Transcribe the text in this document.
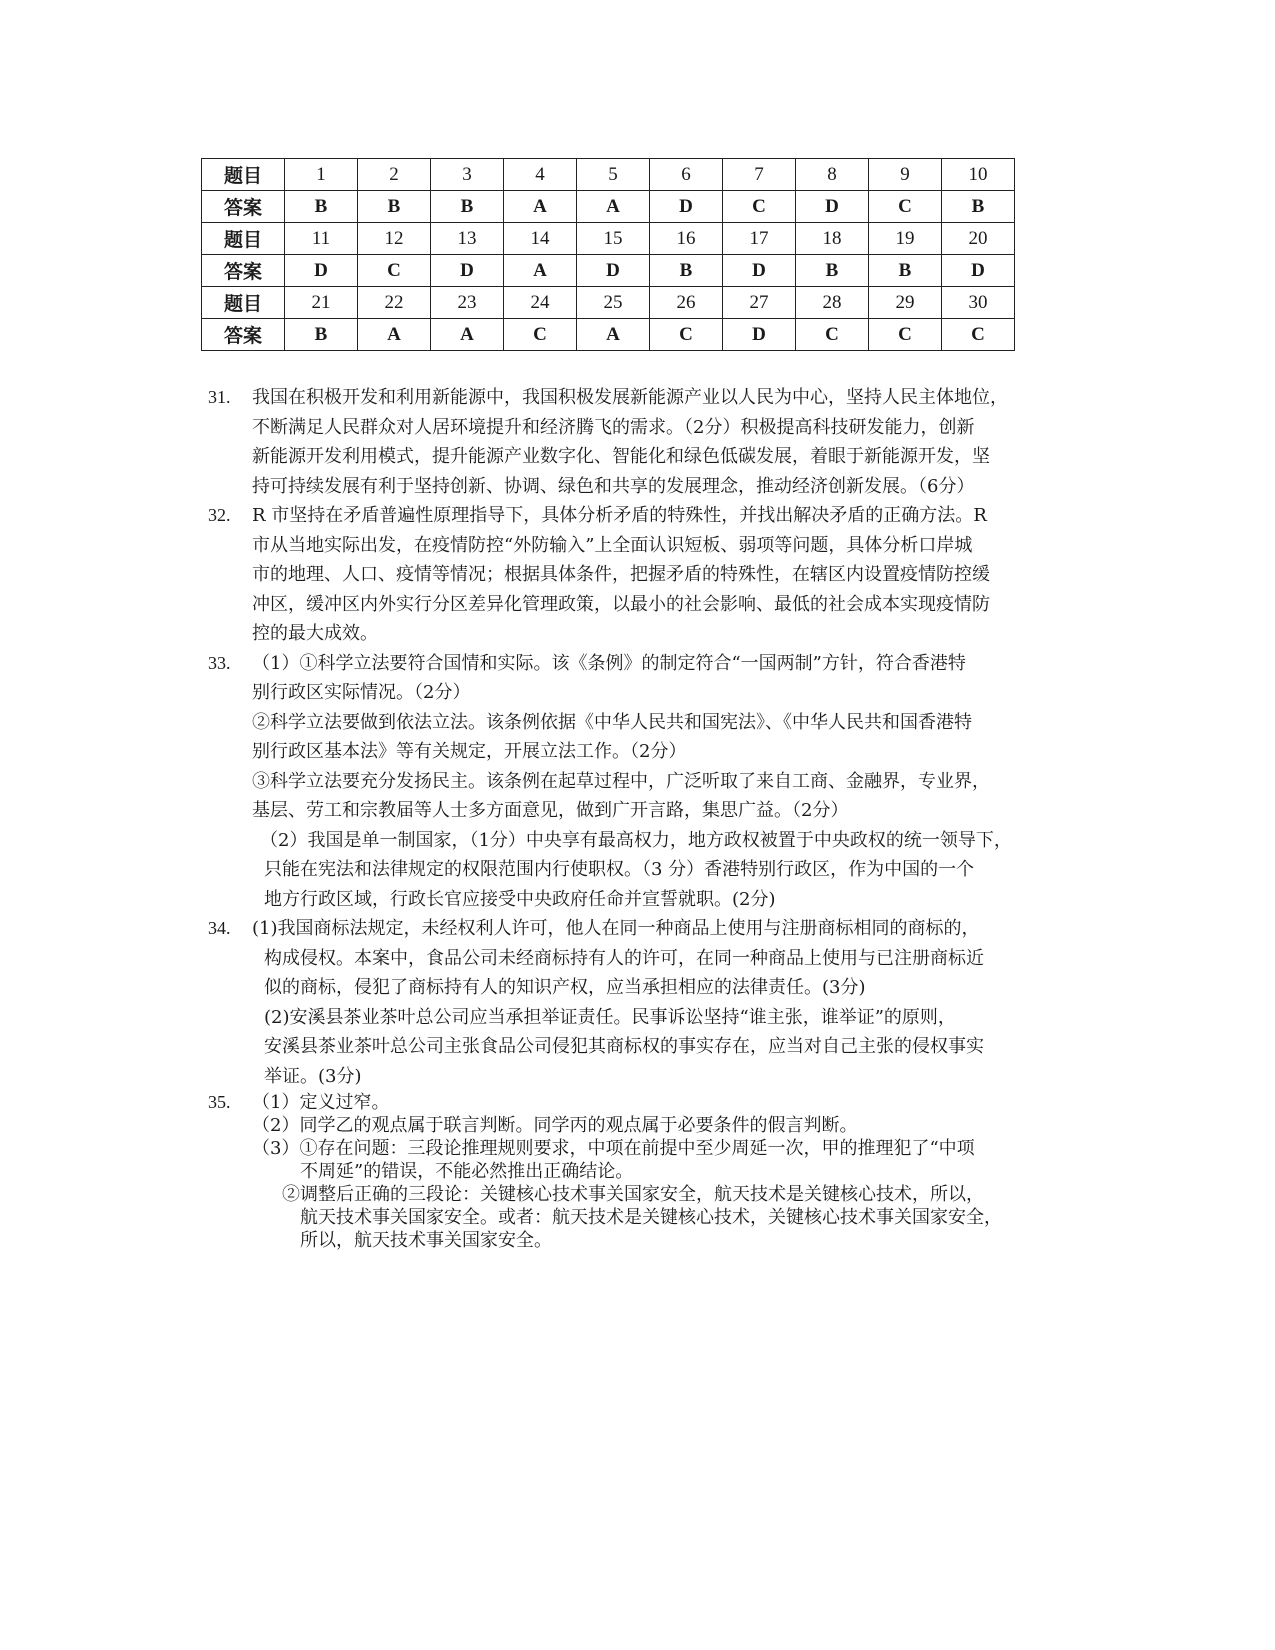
题目	1	2	3	4	5	6	7	8	9	10
答案	B	B	B	A	A	D	C	D	C	B
题目	11	12	13	14	15	16	17	18	19	20
答案	D	C	D	A	D	B	D	B	B	D
题目	21	22	23	24	25	26	27	28	29	30
答案	B	A	A	C	A	C	D	C	C	C
31. 我国在积极开发和利用新能源中，我国积极发展新能源产业以人民为中心，坚持人民主体地位，
不断满足人民群众对人居环境提升和经济腾飞的需求。（2分）积极提高科技研发能力，创新
新能源开发利用模式，提升能源产业数字化、智能化和绿色低碳发展，着眼于新能源开发，坚
持可持续发展有利于坚持创新、协调、绿色和共享的发展理念，推动经济创新发展。（6分）
32. R 市坚持在矛盾普遍性原理指导下，具体分析矛盾的特殊性，并找出解决矛盾的正确方法。R
市从当地实际出发，在疫情防控“外防输入”上全面认识短板、弱项等问题，具体分析口岸城
市的地理、人口、疫情等情况；根据具体条件，把握矛盾的特殊性，在辖区内设置疫情防控缓
冲区，缓冲区内外实行分区差异化管理政策，以最小的社会影响、最低的社会成本实现疫情防
控的最大成效。
33. （1）①科学立法要符合国情和实际。该《条例》的制定符合“一国两制”方针，符合香港特
别行政区实际情况。（2分）
②科学立法要做到依法立法。该条例依据《中华人民共和国宪法》、《中华人民共和国香港特
别行政区基本法》等有关规定，开展立法工作。（2分）
③科学立法要充分发扬民主。该条例在起草过程中，广泛听取了来自工商、金融界，专业界，
基层、劳工和宗教届等人士多方面意见，做到广开言路，集思广益。（2分）
（2）我国是单一制国家，（1分）中央享有最高权力，地方政权被置于中央政权的统一领导下，
只能在宪法和法律规定的权限范围内行使职权。（3 分）香港特别行政区，作为中国的一个
地方行政区域，行政长官应接受中央政府任命并宣誓就职。(2分)
34. (1)我国商标法规定，未经权利人许可，他人在同一种商品上使用与注册商标相同的商标的，
构成侵权。本案中，食品公司未经商标持有人的许可，在同一种商品上使用与已注册商标近
似的商标，侵犯了商标持有人的知识产权，应当承担相应的法律责任。(3分)
(2)安溪县茶业茶叶总公司应当承担举证责任。民事诉讼坚持“谁主张，谁举证”的原则，
安溪县茶业茶叶总公司主张食品公司侵犯其商标权的事实存在，应当对自己主张的侵权事实
举证。(3分)
35. （1）定义过窄。
（2）同学乙的观点属于联言判断。同学丙的观点属于必要条件的假言判断。
（3）①存在问题：三段论推理规则要求，中项在前提中至少周延一次，甲的推理犯了“中项
不周延”的错误，不能必然推出正确结论。
②调整后正确的三段论：关键核心技术事关国家安全，航天技术是关键核心技术，所以，
航天技术事关国家安全。或者：航天技术是关键核心技术，关键核心技术事关国家安全，
所以，航天技术事关国家安全。
